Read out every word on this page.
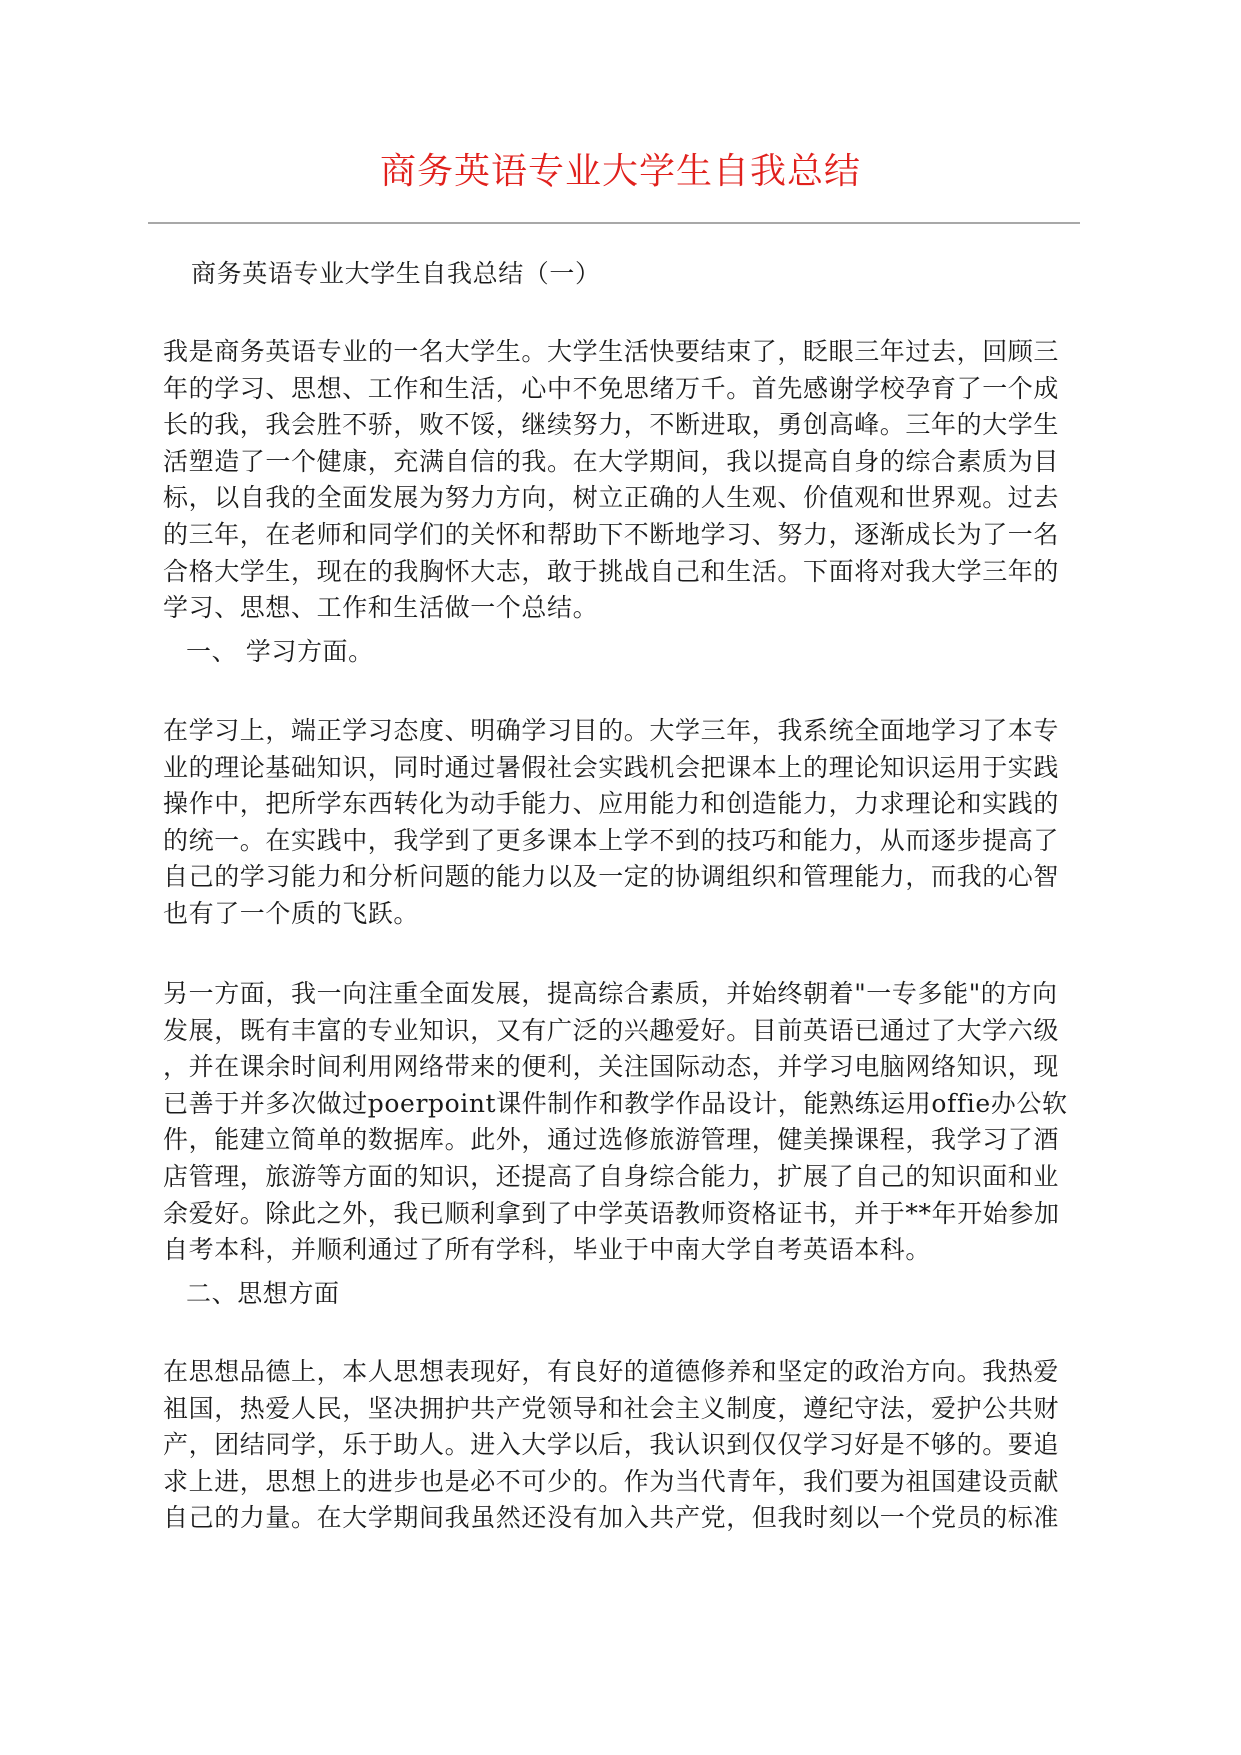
商务英语专业大学生自我总结
商务英语专业大学生自我总结（一）
我是商务英语专业的一名大学生。大学生活快要结束了，眨眼三年过去，回顾三
年的学习、思想、工作和生活，心中不免思绪万千。首先感谢学校孕育了一个成
长的我，我会胜不骄，败不馁，继续努力，不断进取，勇创高峰。三年的大学生
活塑造了一个健康，充满自信的我。在大学期间，我以提高自身的综合素质为目
标，以自我的全面发展为努力方向，树立正确的人生观、价值观和世界观。过去
的三年，在老师和同学们的关怀和帮助下不断地学习、努力，逐渐成长为了一名
合格大学生，现在的我胸怀大志，敢于挑战自己和生活。下面将对我大学三年的
学习、思想、工作和生活做一个总结。
一、 学习方面。
在学习上，端正学习态度、明确学习目的。大学三年，我系统全面地学习了本专
业的理论基础知识，同时通过暑假社会实践机会把课本上的理论知识运用于实践
操作中，把所学东西转化为动手能力、应用能力和创造能力，力求理论和实践的
的统一。在实践中，我学到了更多课本上学不到的技巧和能力，从而逐步提高了
自己的学习能力和分析问题的能力以及一定的协调组织和管理能力，而我的心智
也有了一个质的飞跃。
另一方面，我一向注重全面发展，提高综合素质，并始终朝着"一专多能"的方向
发展，既有丰富的专业知识，又有广泛的兴趣爱好。目前英语已通过了大学六级
，并在课余时间利用网络带来的便利，关注国际动态，并学习电脑网络知识，现
已善于并多次做过poerpoint课件制作和教学作品设计，能熟练运用offie办公软
件，能建立简单的数据库。此外，通过选修旅游管理，健美操课程，我学习了酒
店管理，旅游等方面的知识，还提高了自身综合能力，扩展了自己的知识面和业
余爱好。除此之外，我已顺利拿到了中学英语教师资格证书，并于**年开始参加
自考本科，并顺利通过了所有学科，毕业于中南大学自考英语本科。
二、思想方面
在思想品德上，本人思想表现好，有良好的道德修养和坚定的政治方向。我热爱
祖国，热爱人民，坚决拥护共产党领导和社会主义制度，遵纪守法，爱护公共财
产，团结同学，乐于助人。进入大学以后，我认识到仅仅学习好是不够的。要追
求上进，思想上的进步也是必不可少的。作为当代青年，我们要为祖国建设贡献
自己的力量。在大学期间我虽然还没有加入共产党，但我时刻以一个党员的标准
